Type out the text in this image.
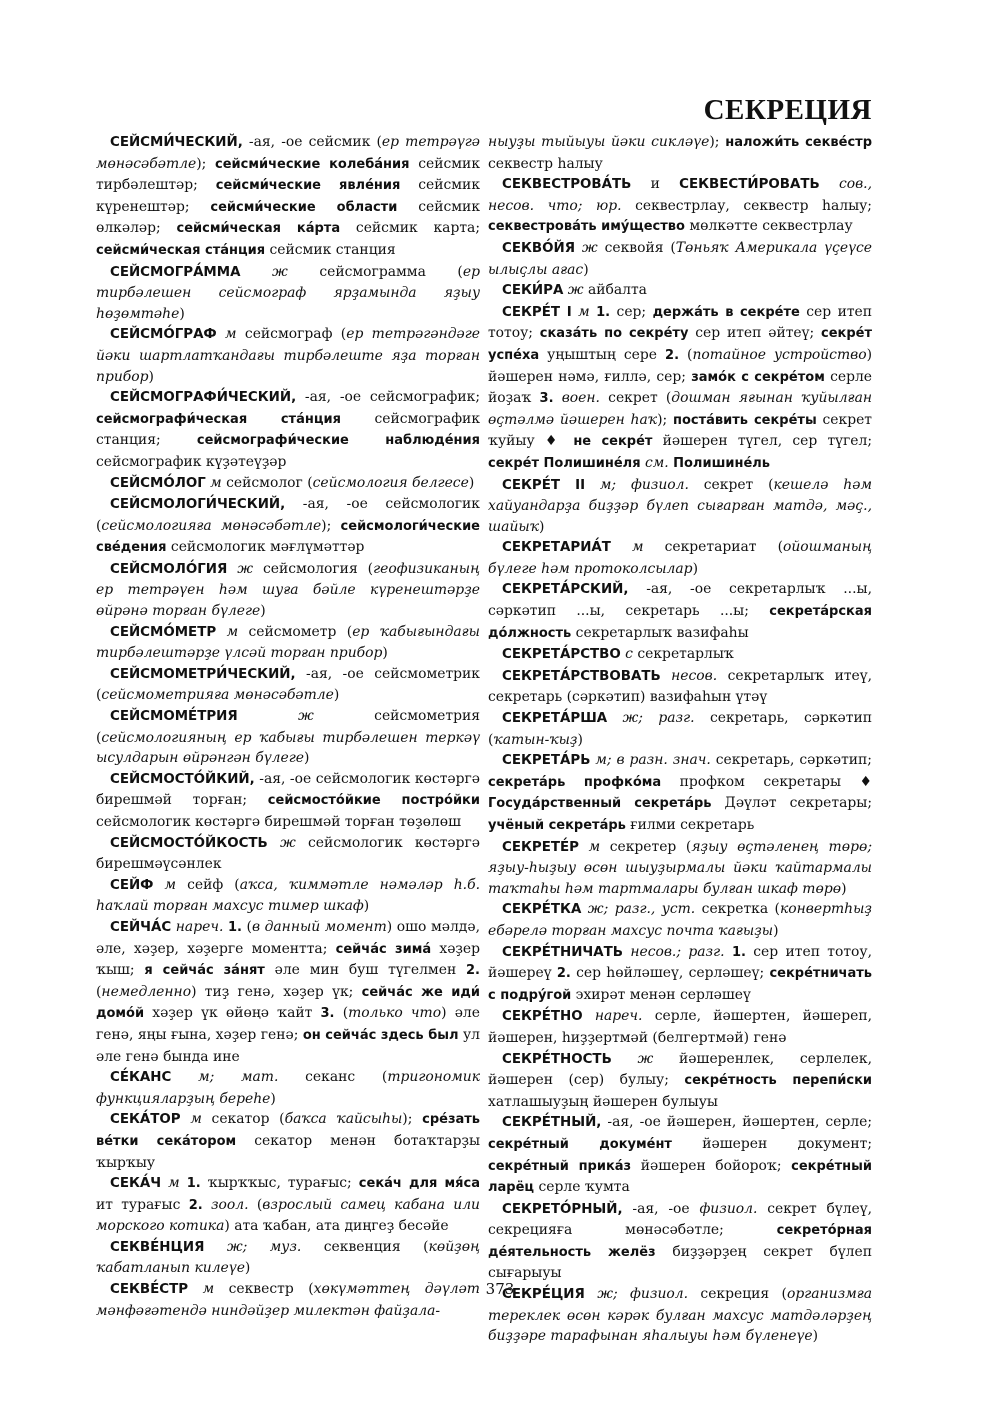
СЕКРЕЦИЯ

СЕЙСМИ́ЧЕСКИЙ, -ая, -ое сейсмик (ер тетрәүгә мөнәсәбәтле); сейсми́ческие колеба́ния сейсмик тирбәлештәр; сейсми́ческие явле́ния сейсмик күренештәр; сейсми́ческие области сейсмик өлкәләр; сейсми́ческая ка́рта сейсмик карта; сейсми́ческая ста́нция сейсмик станция

СЕЙСМОГРА́ММА ж сейсмограмма (ер тирбәлешен сейсмограф ярҙамында яҙыу һөҙөмтәһе)

СЕЙСМО́ГРАФ м сейсмограф (ер тетрәгәндәге йәки шартлатҡандағы тирбәлеште яҙа торған прибор)

СЕЙСМОГРАФИ́ЧЕСКИЙ, -ая, -ое сейсмографик; сейсмографи́ческая ста́нция сейсмографик станция; сейсмографи́ческие наблюде́ния сейсмографик күҙәтеүҙәр

СЕЙСМО́ЛОГ м сейсмолог (сейсмология белгесе)

СЕЙСМОЛОГИ́ЧЕСКИЙ, -ая, -ое сейсмологик (сейсмологияға мөнәсәбәтле); сейсмологи́ческие све́дения сейсмологик мәғлүмәттәр

СЕЙСМОЛО́ГИЯ ж сейсмология (геофизиканың ер тетрәүен һәм шуға бәйле күренештәрҙе өйрәнә торған бүлеге)

СЕЙСМО́МЕТР м сейсмометр (ер ҡабығындағы тирбәлештәрҙе үлсәй торған прибор)

СЕЙСМОМЕТРИ́ЧЕСКИЙ, -ая, -ое сейсмометрик (сейсмометрияға мөнәсәбәтле)

СЕЙСМОМЕ́ТРИЯ ж сейсмометрия (сейсмологияның ер ҡабығы тирбәлешен теркәү ысулдарын өйрәнгән бүлеге)

СЕЙСМОСТО́ЙКИЙ, -ая, -ое сейсмологик көстәргә бирешмәй торған; сейсмосто́йкие постро́йки сейсмологик көстәргә бирешмәй торған төҙөлөш

СЕЙСМОСТО́ЙКОСТЬ ж сейсмологик көстәргә бирешмәүсәнлек

СЕЙФ м сейф (аҡса, ҡиммәтле нәмәләр һ.б. һаҡлай торған махсус тимер шкаф)

СЕЙЧА́С нареч. 1. (в данный момент) ошо мәлдә, әле, хәҙер, хәҙерге моментта; сейча́с зима́ хәҙер ҡыш; я сейча́с за́нят әле мин буш түгелмен 2. (немедленно) тиҙ генә, хәҙер үк; сейча́с же иди́ домо́й хәҙер үк өйөңә ҡайт 3. (только что) әле генә, яңы ғына, хәҙер генә; он сейча́с здесь был ул әле генә бында ине

СЕ́КАНС м; мат. секанс (тригономик функцияларҙың береһе)

СЕКА́ТОР м секатор (баҡса ҡайсыһы); сре́зать ве́тки сека́тором секатор менән ботаҡтарҙы ҡырҡыу

СЕКА́Ч м 1. ҡырҡҡыс, турағыс; сека́ч для мя́са ит турағыс 2. зоол. (взрослый самец кабана или морского котика) ата ҡабан, ата диңгеҙ бесәйе

СЕКВЕ́НЦИЯ ж; муз. секвенция (көйҙөң ҡабатланып килеүе)

СЕКВЕ́СТР м секвестр (хөкүмәттең дәүләт мәнфәғәтендә ниндәйҙер милектән файҙала-

ныуҙы тыйыуы йәки сикләүе); наложи́ть секве́стр секвестр һалыу

СЕКВЕСТРОВА́ТЬ и СЕКВЕСТИ́РОВАТЬ сов., несов. что; юр. секвестрлау, секвестр һалыу; секвестрова́ть иму́щество мөлкәтте секвестрлау

СЕКВО́ЙЯ ж секвойя (Төньяҡ Америкала үҫеүсе ылыҫлы ағас)

СЕКИ́РА ж айбалта

СЕКРЕ́Т I м 1. сер; держа́ть в секре́те сер итеп тотоу; сказа́ть по секре́ту сер итеп әйтеү; секре́т успе́ха уңыштың сере 2. (потайное устройство) йәшерен нәмә, ғиллә, сер; замо́к с секре́том серле йоҙаҡ 3. воен. секрет (дошман яғынан ҡуйылған өҫтәлмә йәшерен һаҡ); поста́вить секре́ты секрет ҡуйыу ♦ не секре́т йәшерен түгел, сер түгел; секре́т Полишине́ля см. Полишине́ль

СЕКРЕ́Т II м; физиол. секрет (кешелә һәм хайуандарҙа биҙҙәр бүлеп сығарған матдә, мәҫ., шайыҡ)

СЕКРЕТАРИА́Т м секретариат (ойошманың бүлеге һәм протоколсылар)

СЕКРЕТА́РСКИЙ, -ая, -ое секретарлыҡ ...ы, сәркәтип ...ы, секретарь ...ы; секрета́рская до́лжность секретарлыҡ вазифаһы

СЕКРЕТА́РСТВО с секретарлыҡ

СЕКРЕТА́РСТВОВАТЬ несов. секретарлыҡ итеү, секретарь (сәркәтип) вазифаһын үтәү

СЕКРЕТА́РША ж; разг. секретарь, сәркәтип (ҡатын-ҡыҙ)

СЕКРЕТА́РЬ м; в разн. знач. секретарь, сәркәтип; секрета́рь профко́ма профком секретары ♦ Госуда́рственный секрета́рь Дәүләт секретары; учёный секрета́рь ғилми секретарь

СЕКРЕТЕ́Р м секретер (яҙыу өҫтәленең төрө; яҙыу-һыҙыу өсөн шыуҙырмалы йәки ҡайтармалы таҡтаһы һәм тартмалары булған шкаф төрө)

СЕКРЕ́ТКА ж; разг., уст. секретка (конвертһыҙ ебәрелә торған махсус почта ҡағыҙы)

СЕКРЕ́ТНИЧАТЬ несов.; разг. 1. сер итеп тотоу, йәшереү 2. сер һөйләшеү, серләшеү; секре́тничать с подру́гой эхирәт менән серләшеү

СЕКРЕ́ТНО нареч. серле, йәшертен, йәшереп, йәшерен, һиҙҙертмәй (белгертмәй) генә

СЕКРЕ́ТНОСТЬ ж йәшеренлек, серлелек, йәшерен (сер) булыу; секре́тность перепи́ски хатлашыуҙың йәшерен булыуы

СЕКРЕ́ТНЫЙ, -ая, -ое йәшерен, йәшертен, серле; секре́тный докуме́нт йәшерен документ; секре́тный прика́з йәшерен бойороҡ; секре́тный ларёц серле ҡумта

СЕКРЕТО́РНЫЙ, -ая, -ое физиол. секрет бүлеү, секрецияға мөнәсәбәтле; секрето́рная де́ятельность желёз биҙҙәрҙең секрет бүлеп сығарыуы

СЕКРЕ́ЦИЯ ж; физиол. секреция (организмға тереклек өсөн кәрәк булған махсус матдәләрҙең биҙҙәре тарафынан яһалыуы һәм бүленеүе)

373
